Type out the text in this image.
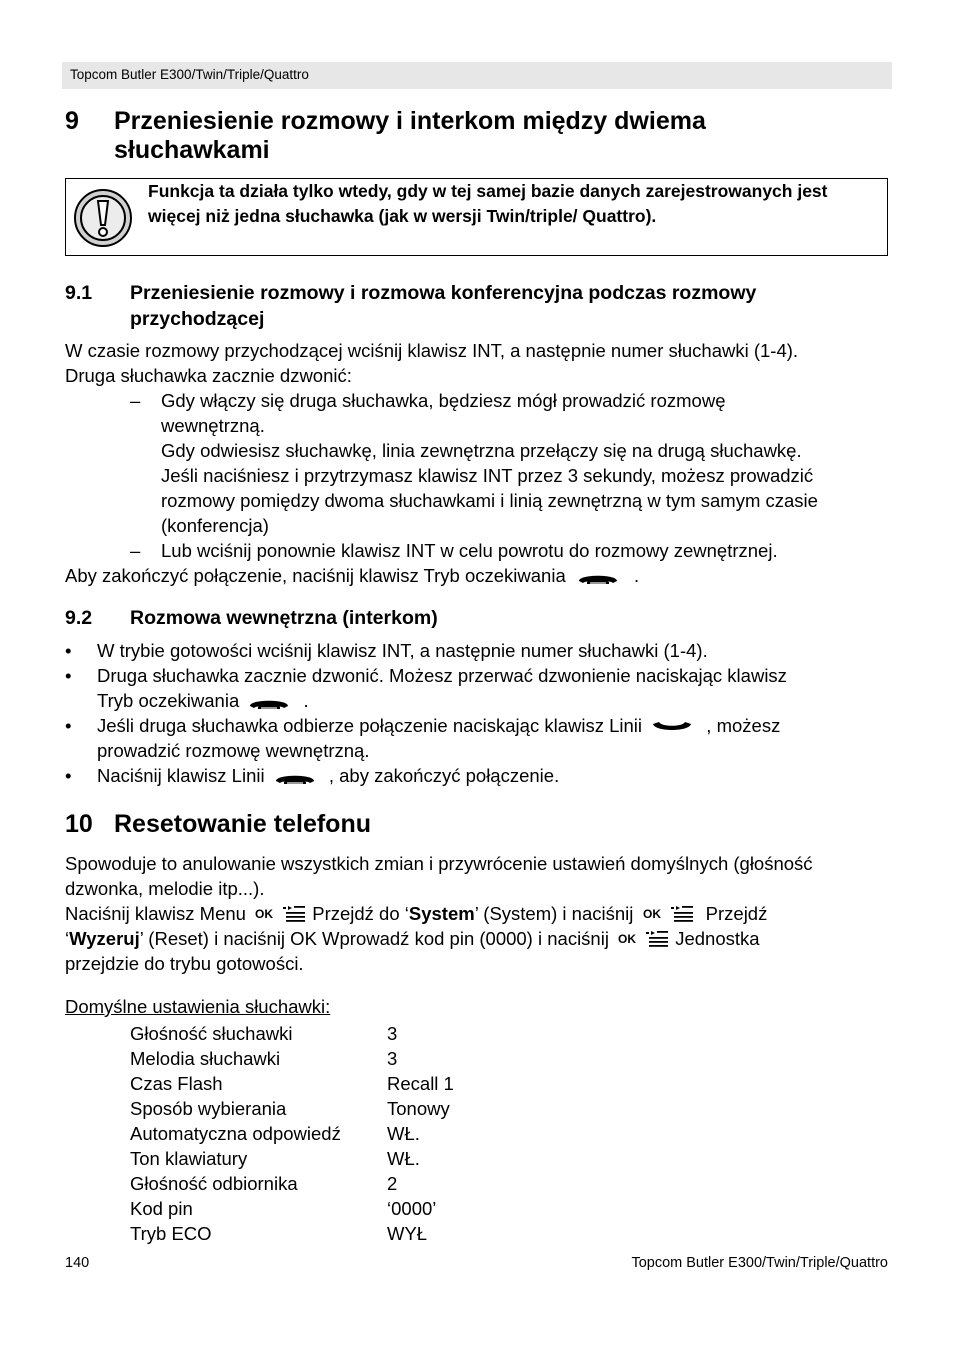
Topcom Butler E300/Twin/Triple/Quattro
9 Przeniesienie rozmowy i interkom między dwiema słuchawkami
Funkcja ta działa tylko wtedy, gdy w tej samej bazie danych zarejestrowanych jest więcej niż jedna słuchawka (jak w wersji Twin/triple/ Quattro).
9.1 Przeniesienie rozmowy i rozmowa konferencyjna podczas rozmowy przychodzącej
W czasie rozmowy przychodzącej wciśnij klawisz INT, a następnie numer słuchawki (1-4).
Druga słuchawka zacznie dzwonić:
– Gdy włączy się druga słuchawka, będziesz mógł prowadzić rozmowę
wewnętrzną.
Gdy odwiesisz słuchawkę, linia zewnętrzna przełączy się na drugą słuchawkę.
Jeśli naciśniesz i przytrzymasz klawisz INT przez 3 sekundy, możesz prowadzić
rozmowy pomiędzy dwoma słuchawkami i linią zewnętrzną w tym samym czasie
(konferencja)
– Lub wciśnij ponownie klawisz INT w celu powrotu do rozmowy zewnętrznej.
Aby zakończyć połączenie, naciśnij klawisz Tryb oczekiwania	.
9.2 Rozmowa wewnętrzna (interkom)
• W trybie gotowości wciśnij klawisz INT, a następnie numer słuchawki (1-4).
• Druga słuchawka zacznie dzwonić. Możesz przerwać dzwonienie naciskając klawisz
Tryb oczekiwania	.
• Jeśli druga słuchawka odbierze połączenie naciskając klawisz Linii	, możesz
prowadzić rozmowę wewnętrzną.
• Naciśnij klawisz Linii	, aby zakończyć połączenie.
10 Resetowanie telefonu
Spowoduje to anulowanie wszystkich zmian i przywrócenie ustawień domyślnych (głośność
dzwonka, melodie itp...).
Naciśnij klawisz Menu	Przejdź do ‘System’ (System) i naciśnij	Przejdź
‘Wyzeruj’ (Reset) i naciśnij OK Wprowadź kod pin (0000) i naciśnij	Jednostka
przejdzie do trybu gotowości.
Domyślne ustawienia słuchawki:
Głośność słuchawki	3
Melodia słuchawki	3
Czas Flash	Recall 1
Sposób wybierania	Tonowy
Automatyczna odpowiedź WŁ.
Ton klawiatury	WŁ.
Głośność odbiornika	2
Kod pin	‘0000’
Tryb ECO	WYŁ
140	Topcom Butler E300/Twin/Triple/Quattro
